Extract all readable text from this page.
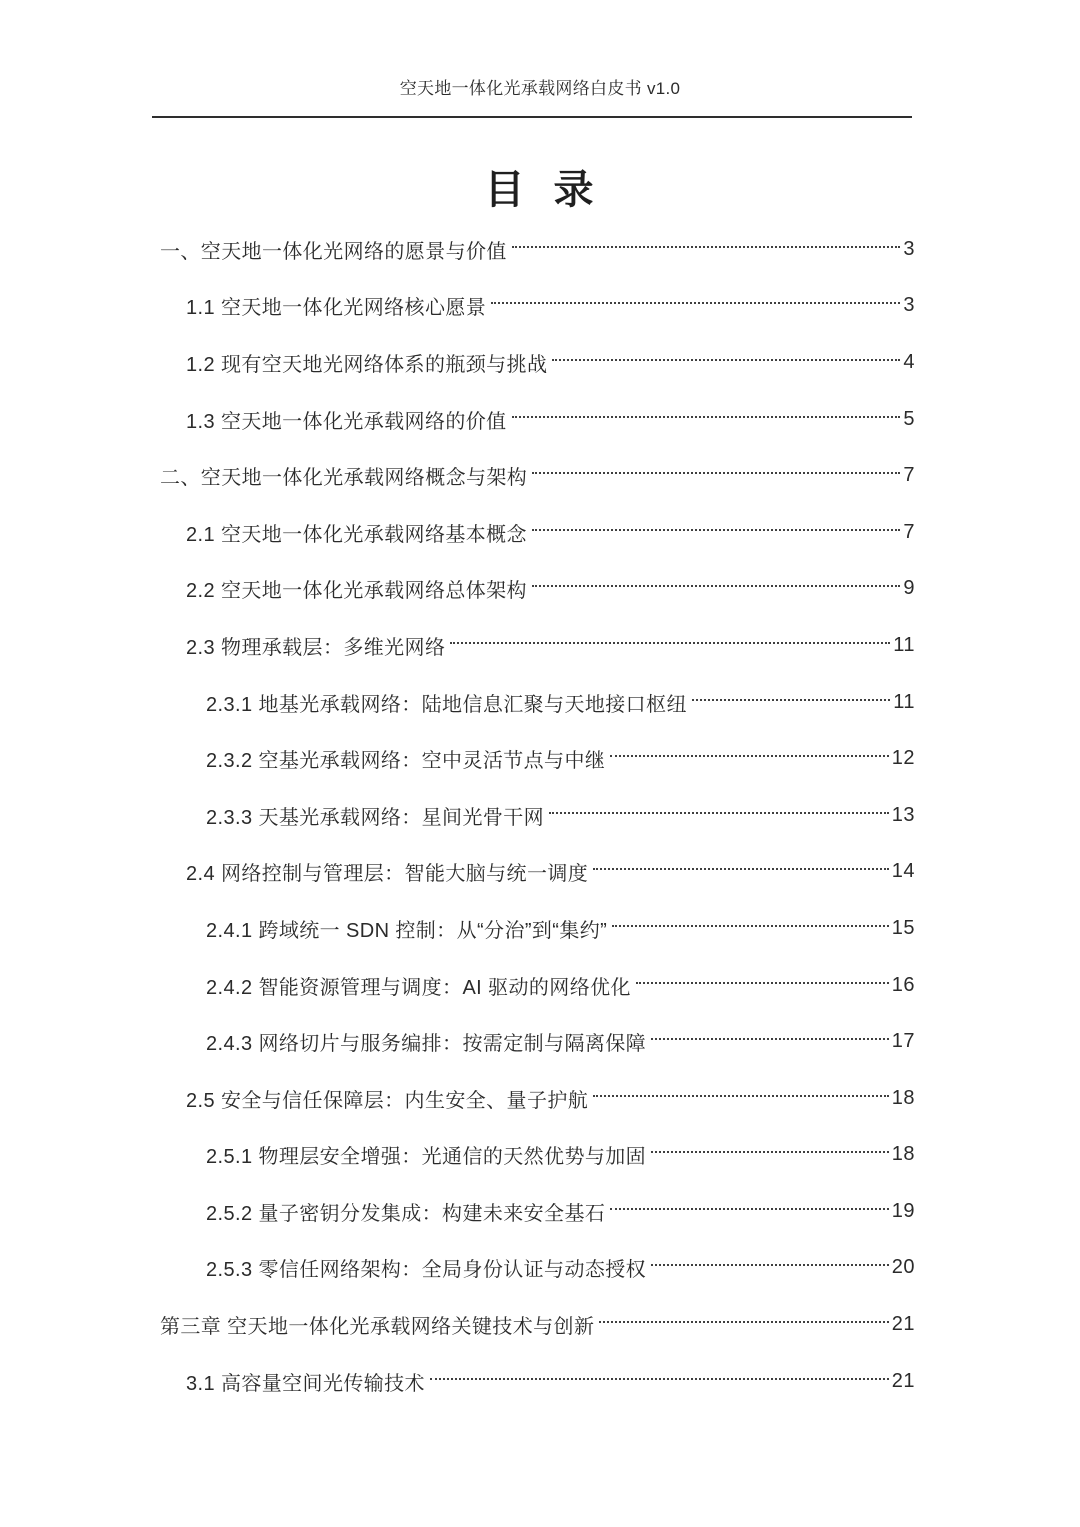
空天地一体化光承载网络白皮书 v1.0
目 录
一、空天地一体化光网络的愿景与价值	3
1.1 空天地一体化光网络核心愿景	3
1.2 现有空天地光网络体系的瓶颈与挑战	4
1.3 空天地一体化光承载网络的价值	5
二、空天地一体化光承载网络概念与架构	7
2.1 空天地一体化光承载网络基本概念	7
2.2 空天地一体化光承载网络总体架构	9
2.3 物理承载层：多维光网络	11
2.3.1 地基光承载网络：陆地信息汇聚与天地接口枢纽	11
2.3.2 空基光承载网络：空中灵活节点与中继	12
2.3.3 天基光承载网络：星间光骨干网	13
2.4 网络控制与管理层：智能大脑与统一调度	14
2.4.1 跨域统一 SDN 控制：从“分治”到“集约”	15
2.4.2 智能资源管理与调度：AI 驱动的网络优化	16
2.4.3 网络切片与服务编排：按需定制与隔离保障	17
2.5 安全与信任保障层：内生安全、量子护航	18
2.5.1 物理层安全增强：光通信的天然优势与加固	18
2.5.2 量子密钥分发集成：构建未来安全基石	19
2.5.3 零信任网络架构：全局身份认证与动态授权	20
第三章 空天地一体化光承载网络关键技术与创新	21
3.1 高容量空间光传输技术	21
